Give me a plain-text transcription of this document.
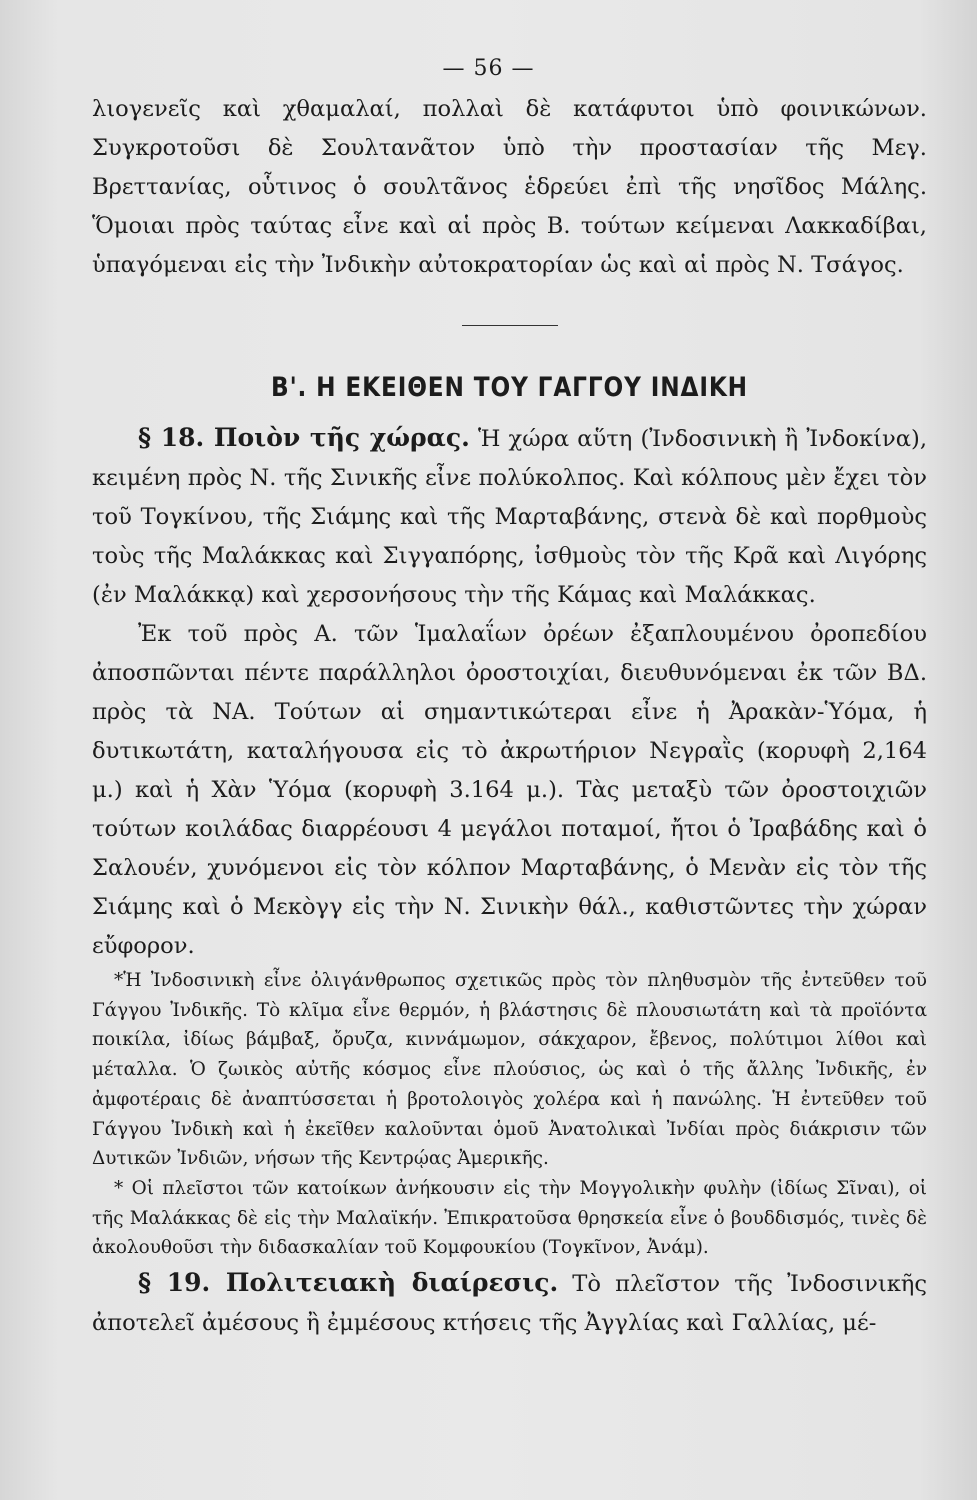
— 56 —

λιογενεῖς καὶ χθαμαλαί, πολλαὶ δὲ κατάφυτοι ὑπὸ φοινικώνων. Συγκροτοῦσι δὲ Σουλτανᾶτον ὑπὸ τὴν προστασίαν τῆς Μεγ. Βρεττανίας, οὗτινος ὁ σουλτᾶνος ἑδρεύει ἐπὶ τῆς νησῖδος Μάλης. Ὅμοιαι πρὸς ταύτας εἶνε καὶ αἱ πρὸς Β. τούτων κείμεναι Λακκαδίβαι, ὑπαγόμεναι εἰς τὴν Ἰνδικὴν αὐτοκρατορίαν ὡς καὶ αἱ πρὸς Ν. Τσάγος.

Β'. Η ΕΚΕΙΘΕΝ ΤΟΥ ΓΑΓΓΟΥ ΙΝΔΙΚΗ

§ 18. Ποιὸν τῆς χώρας. Ἡ χώρα αὕτη (Ἰνδοσινικὴ ἢ Ἰνδοκίνα), κειμένη πρὸς Ν. τῆς Σινικῆς εἶνε πολύκολπος. Καὶ κόλπους μὲν ἔχει τὸν τοῦ Τογκίνου, τῆς Σιάμης καὶ τῆς Μαρταβάνης, στενὰ δὲ καὶ πορθμοὺς τοὺς τῆς Μαλάκκας καὶ Σιγγαπόρης, ἰσθμοὺς τὸν τῆς Κρᾶ καὶ Λιγόρης (ἐν Μαλάκκᾳ) καὶ χερσονήσους τὴν τῆς Κάμας καὶ Μαλάκκας.

Ἐκ τοῦ πρὸς Α. τῶν Ἱμαλαΐων ὀρέων ἐξαπλουμένου ὀροπεδίου ἀποσπῶνται πέντε παράλληλοι ὀροστοιχίαι, διευθυνόμεναι ἐκ τῶν ΒΔ. πρὸς τὰ ΝΑ. Τούτων αἱ σημαντικώτεραι εἶνε ἡ Ἀρακὰν-Ὑόμα, ἡ δυτικωτάτη, καταλήγουσα εἰς τὸ ἀκρωτήριον Νεγραῒς (κορυφὴ 2,164 μ.) καὶ ἡ Χὰν Ὑόμα (κορυφὴ 3.164 μ.). Τὰς μεταξὺ τῶν ὀροστοιχιῶν τούτων κοιλάδας διαρρέουσι 4 μεγάλοι ποταμοί, ἤτοι ὁ Ἰραβάδης καὶ ὁ Σαλουέν, χυνόμενοι εἰς τὸν κόλπον Μαρταβάνης, ὁ Μενὰν εἰς τὸν τῆς Σιάμης καὶ ὁ Μεκὸγγ εἰς τὴν Ν. Σινικὴν θάλ., καθιστῶντες τὴν χώραν εὔφορον.

*Ἡ Ἰνδοσινικὴ εἶνε ὀλιγάνθρωπος σχετικῶς πρὸς τὸν πληθυσμὸν τῆς ἐντεῦθεν τοῦ Γάγγου Ἰνδικῆς. Τὸ κλῖμα εἶνε θερμόν, ἡ βλάστησις δὲ πλουσιωτάτη καὶ τὰ προϊόντα ποικίλα, ἰδίως βάμβαξ, ὄρυζα, κιννάμωμον, σάκχαρον, ἔβενος, πολύτιμοι λίθοι καὶ μέταλλα. Ὁ ζωικὸς αὐτῆς κόσμος εἶνε πλούσιος, ὡς καὶ ὁ τῆς ἄλλης Ἰνδικῆς, ἐν ἀμφοτέραις δὲ ἀναπτύσσεται ἡ βροτολοιγὸς χολέρα καὶ ἡ πανώλης. Ἡ ἐντεῦθεν τοῦ Γάγγου Ἰνδικὴ καὶ ἡ ἐκεῖθεν καλοῦνται ὁμοῦ Ἀνατολικαὶ Ἰνδίαι πρὸς διάκρισιν τῶν Δυτικῶν Ἰνδιῶν, νήσων τῆς Κεντρῴας Ἀμερικῆς.

* Οἱ πλεῖστοι τῶν κατοίκων ἀνήκουσιν εἰς τὴν Μογγολικὴν φυλὴν (ἰδίως Σῖναι), οἱ τῆς Μαλάκκας δὲ εἰς τὴν Μαλαϊκήν. Ἐπικρατοῦσα θρησκεία εἶνε ὁ βουδδισμός, τινὲς δὲ ἀκολουθοῦσι τὴν διδασκαλίαν τοῦ Κομφουκίου (Τογκῖνον, Ἀνάμ).

§ 19. Πολιτειακὴ διαίρεσις. Τὸ πλεῖστον τῆς Ἰνδοσινικῆς ἀποτελεῖ ἀμέσους ἢ ἐμμέσους κτήσεις τῆς Ἀγγλίας καὶ Γαλλίας, μέ-
